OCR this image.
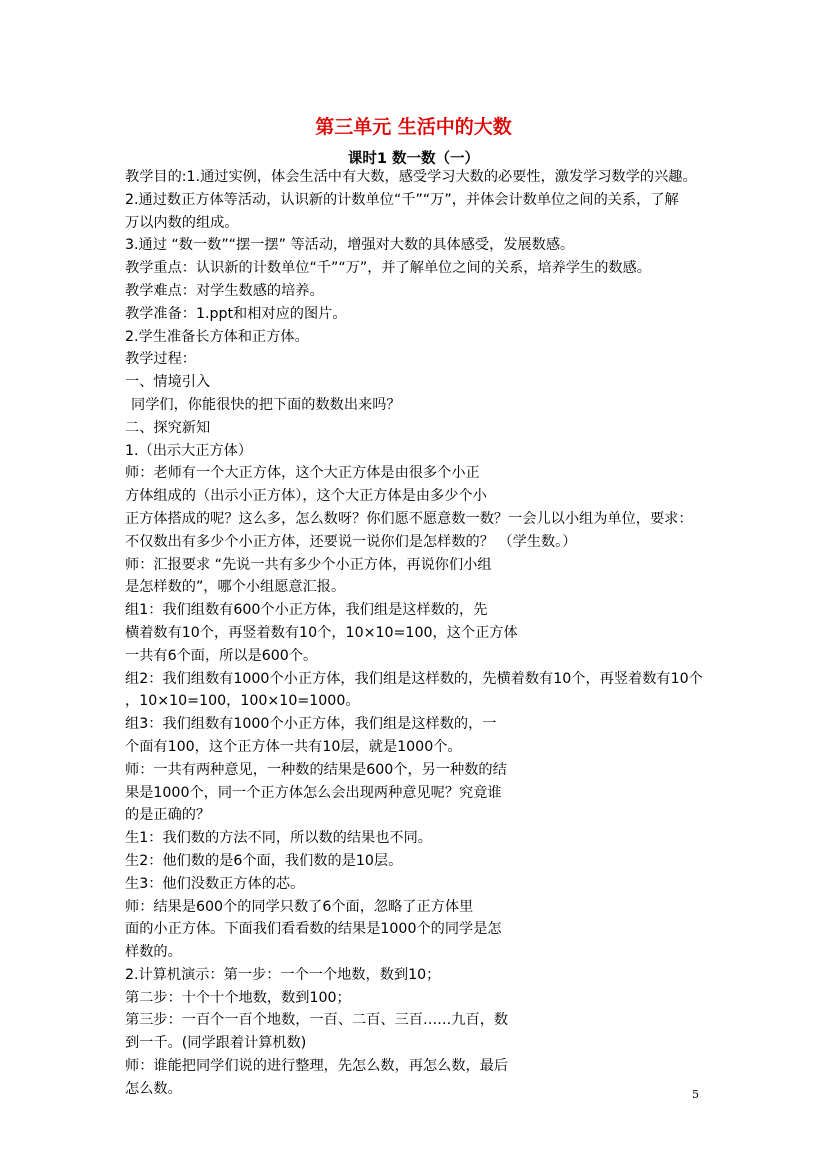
第三单元 生活中的大数
课时1 数一数（一）
教学目的:1.通过实例，体会生活中有大数，感受学习大数的必要性，激发学习数学的兴趣。
2.通过数正方体等活动，认识新的计数单位“千”“万”，并体会计数单位之间的关系，了解
万以内数的组成。
3.通过 “数一数”“摆一摆” 等活动，增强对大数的具体感受，发展数感。
教学重点：认识新的计数单位“千”“万”，并了解单位之间的关系，培养学生的数感。
教学难点：对学生数感的培养。
教学准备：1.ppt和相对应的图片。
2.学生准备长方体和正方体。
教学过程：
一、情境引入
同学们，你能很快的把下面的数数出来吗？
二、探究新知
1.（出示大正方体）
师：老师有一个大正方体，这个大正方体是由很多个小正
方体组成的（出示小正方体），这个大正方体是由多少个小
正方体搭成的呢？这么多，怎么数呀？你们愿不愿意数一数？一会儿以小组为单位，要求：
不仅数出有多少个小正方体，还要说一说你们是怎样数的？ （学生数。）
师：汇报要求 “先说一共有多少个小正方体，再说你们小组
是怎样数的”，哪个小组愿意汇报。
组1：我们组数有600个小正方体，我们组是这样数的，先
横着数有10个，再竖着数有10个，10×10=100，这个正方体
一共有6个面，所以是600个。
组2：我们组数有1000个小正方体，我们组是这样数的，先横着数有10个，再竖着数有10个
，10×10=100，100×10=1000。
组3：我们组数有1000个小正方体，我们组是这样数的，一
个面有100，这个正方体一共有10层，就是1000个。
师：一共有两种意见，一种数的结果是600个，另一种数的结
果是1000个，同一个正方体怎么会出现两种意见呢？究竟谁
的是正确的？
生1：我们数的方法不同，所以数的结果也不同。
生2：他们数的是6个面，我们数的是10层。
生3：他们没数正方体的芯。
师：结果是600个的同学只数了6个面，忽略了正方体里
面的小正方体。下面我们看看数的结果是1000个的同学是怎
样数的。
2.计算机演示：第一步：一个一个地数，数到10；
第二步：十个十个地数，数到100；
第三步：一百个一百个地数，一百、二百、三百……九百，数
到一千。(同学跟着计算机数)
师：谁能把同学们说的进行整理，先怎么数，再怎么数，最后
怎么数。	5
